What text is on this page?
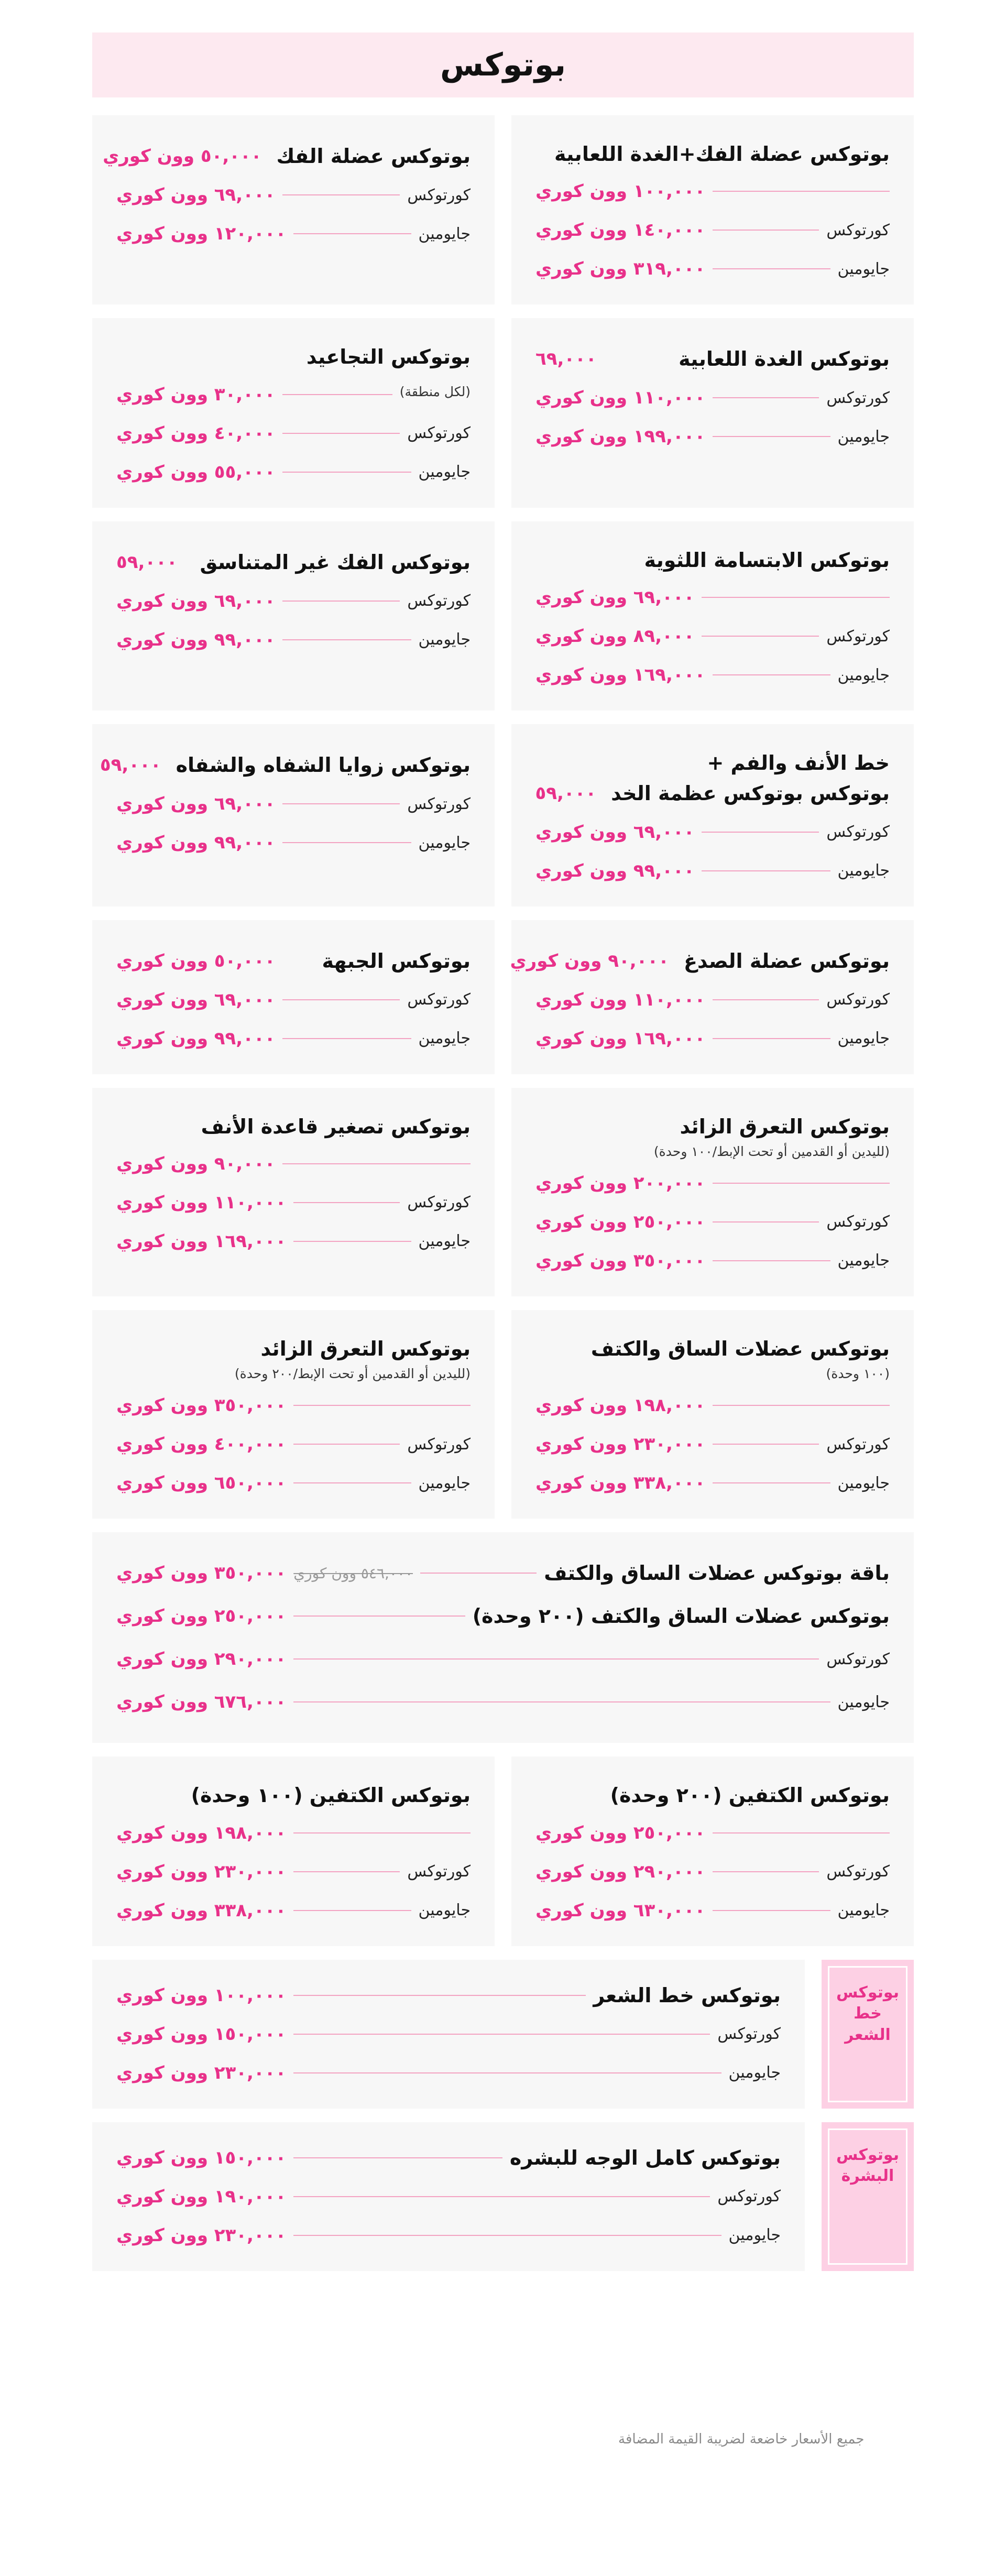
بوتوكس
بوتوكس عضلة الفك+الغدة اللعابية
١٠٠,٠٠٠ وون كوري
كورتوكس
١٤٠,٠٠٠ وون كوري
جايومين
٣١٩,٠٠٠ وون كوري
بوتوكس عضلة الفك
٥٠,٠٠٠ وون كوري
كورتوكس
٦٩,٠٠٠ وون كوري
جايومين
١٢٠,٠٠٠ وون كوري
بوتوكس الغدة اللعابية
٦٩,٠٠٠
كورتوكس
١١٠,٠٠٠ وون كوري
جايومين
١٩٩,٠٠٠ وون كوري
بوتوكس التجاعيد
(لكل منطقة)
٣٠,٠٠٠ وون كوري
كورتوكس
٤٠,٠٠٠ وون كوري
جايومين
٥٥,٠٠٠ وون كوري
بوتوكس الابتسامة اللثوية
٦٩,٠٠٠ وون كوري
كورتوكس
٨٩,٠٠٠ وون كوري
جايومين
١٦٩,٠٠٠ وون كوري
بوتوكس الفك غير المتناسق
٥٩,٠٠٠
كورتوكس
٦٩,٠٠٠ وون كوري
جايومين
٩٩,٠٠٠ وون كوري
خط الأنف والفم +
بوتوكس بوتوكس عظمة الخد
٥٩,٠٠٠
كورتوكس
٦٩,٠٠٠ وون كوري
جايومين
٩٩,٠٠٠ وون كوري
بوتوكس زوايا الشفاه والشفاه
٥٩,٠٠٠
كورتوكس
٦٩,٠٠٠ وون كوري
جايومين
٩٩,٠٠٠ وون كوري
بوتوكس عضلة الصدغ
٩٠,٠٠٠ وون كوري
كورتوكس
١١٠,٠٠٠ وون كوري
جايومين
١٦٩,٠٠٠ وون كوري
بوتوكس الجبهة
٥٠,٠٠٠ وون كوري
كورتوكس
٦٩,٠٠٠ وون كوري
جايومين
٩٩,٠٠٠ وون كوري
بوتوكس التعرق الزائد
(لليدين أو القدمين أو تحت الإبط/١٠٠ وحدة)
٢٠٠,٠٠٠ وون كوري
كورتوكس
٢٥٠,٠٠٠ وون كوري
جايومين
٣٥٠,٠٠٠ وون كوري
بوتوكس تصغير قاعدة الأنف
٩٠,٠٠٠ وون كوري
كورتوكس
١١٠,٠٠٠ وون كوري
جايومين
١٦٩,٠٠٠ وون كوري
بوتوكس عضلات الساق والكتف
(١٠٠ وحدة)
١٩٨,٠٠٠ وون كوري
كورتوكس
٢٣٠,٠٠٠ وون كوري
جايومين
٣٣٨,٠٠٠ وون كوري
بوتوكس التعرق الزائد
(لليدين أو القدمين أو تحت الإبط/٢٠٠ وحدة)
٣٥٠,٠٠٠ وون كوري
كورتوكس
٤٠٠,٠٠٠ وون كوري
جايومين
٦٥٠,٠٠٠ وون كوري
باقة بوتوكس عضلات الساق والكتف
٥٤٦,٠٠٠ وون كوري
٣٥٠,٠٠٠ وون كوري
بوتوكس عضلات الساق والكتف (٢٠٠ وحدة)
٢٥٠,٠٠٠ وون كوري
كورتوكس
٢٩٠,٠٠٠ وون كوري
جايومين
٦٧٦,٠٠٠ وون كوري
بوتوكس الكتفين (٢٠٠ وحدة)
٢٥٠,٠٠٠ وون كوري
كورتوكس
٢٩٠,٠٠٠ وون كوري
جايومين
٦٣٠,٠٠٠ وون كوري
بوتوكس الكتفين (١٠٠ وحدة)
١٩٨,٠٠٠ وون كوري
كورتوكس
٢٣٠,٠٠٠ وون كوري
جايومين
٣٣٨,٠٠٠ وون كوري
بوتوكس خط الشعر
بوتوكس خط الشعر
١٠٠,٠٠٠ وون كوري
كورتوكس
١٥٠,٠٠٠ وون كوري
جايومين
٢٣٠,٠٠٠ وون كوري
بوتوكس البشرة
بوتوكس كامل الوجه للبشره
١٥٠,٠٠٠ وون كوري
كورتوكس
١٩٠,٠٠٠ وون كوري
جايومين
٢٣٠,٠٠٠ وون كوري
جميع الأسعار خاضعة لضريبة القيمة المضافة
